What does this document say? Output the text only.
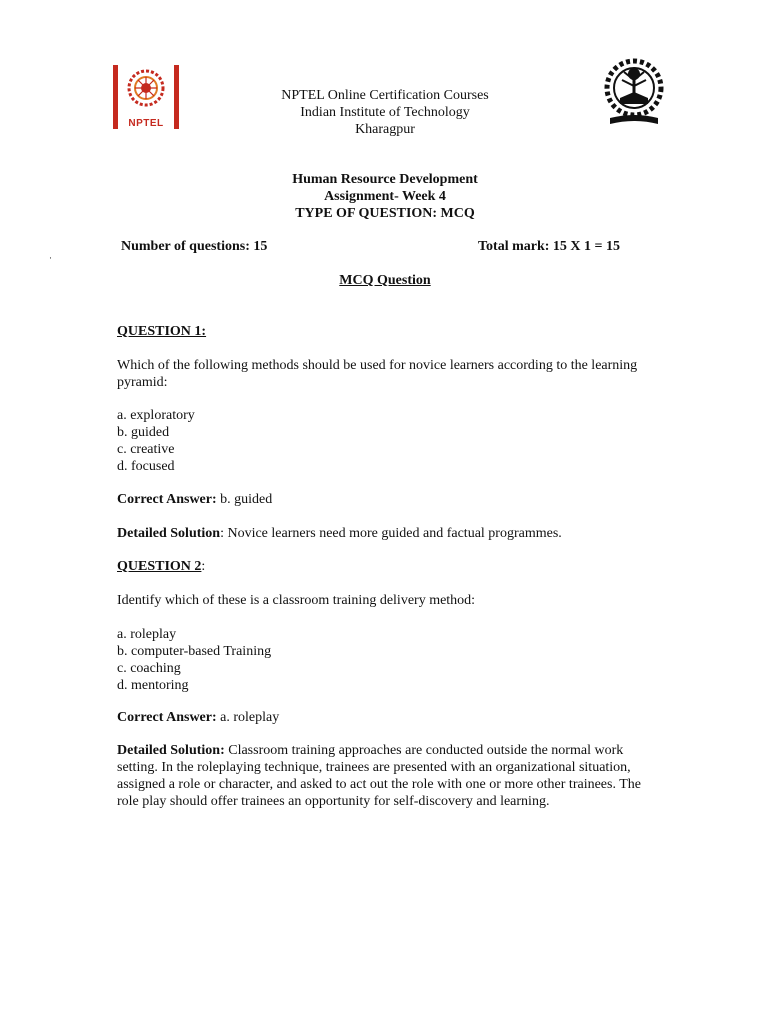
NPTEL
NPTEL Online Certification Courses
Indian Institute of Technology
Kharagpur
Human Resource Development
Assignment- Week 4
TYPE OF QUESTION: MCQ
·
Number of questions: 15	Total mark: 15 X 1 = 15
MCQ Question
QUESTION 1:
Which of the following methods should be used for novice learners according to the learning pyramid:
a. exploratory
b. guided
c. creative
d. focused
Correct Answer: b. guided
Detailed Solution: Novice learners need more guided and factual programmes.
QUESTION 2:
Identify which of these is a classroom training delivery method:
a. roleplay
b. computer-based Training
c. coaching
d. mentoring
Correct Answer: a. roleplay
Detailed Solution: Classroom training approaches are conducted outside the normal work setting. In the roleplaying technique, trainees are presented with an organizational situation, assigned a role or character, and asked to act out the role with one or more other trainees. The role play should offer trainees an opportunity for self-discovery and learning.
